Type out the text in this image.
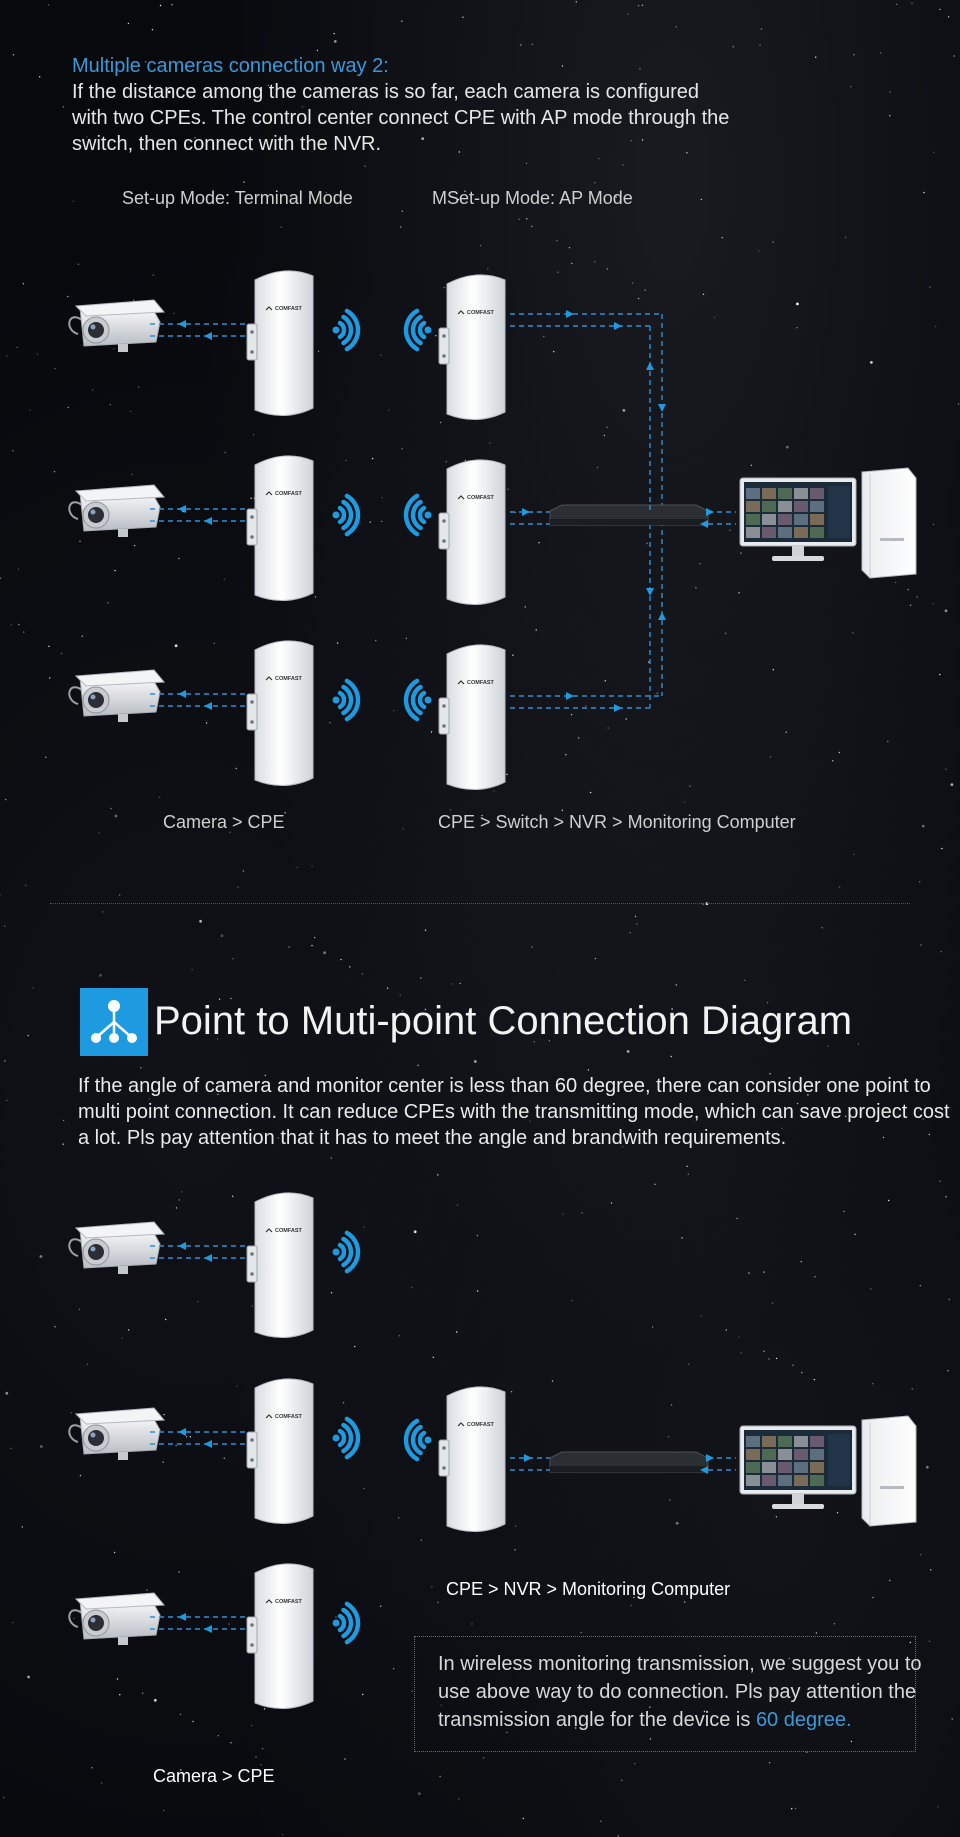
Multiple cameras connection way 2:
If the distance among the cameras is so far, each camera is configured with two CPEs. The control center connect CPE with AP mode through the switch, then connect with the NVR.
Set-up Mode: Terminal Mode	MSet-up Mode: AP Mode
Camera > CPE	CPE > Switch > NVR > Monitoring Computer
Point to Muti-point Connection Diagram
If the angle of camera and monitor center is less than 60 degree, there can consider one point to multi point connection. It can reduce CPEs with the transmitting mode, which can save project cost a lot. Pls pay attention that it has to meet the angle and brandwith requirements.
CPE > NVR > Monitoring Computer
Camera > CPE
In wireless monitoring transmission, we suggest you to use above way to do connection. Pls pay attention the transmission angle for the device is 60 degree.
COMFAST
COMFAST
COMFAST
COMFAST
COMFAST
COMFAST
COMFAST
COMFAST
COMFAST
COMFAST
